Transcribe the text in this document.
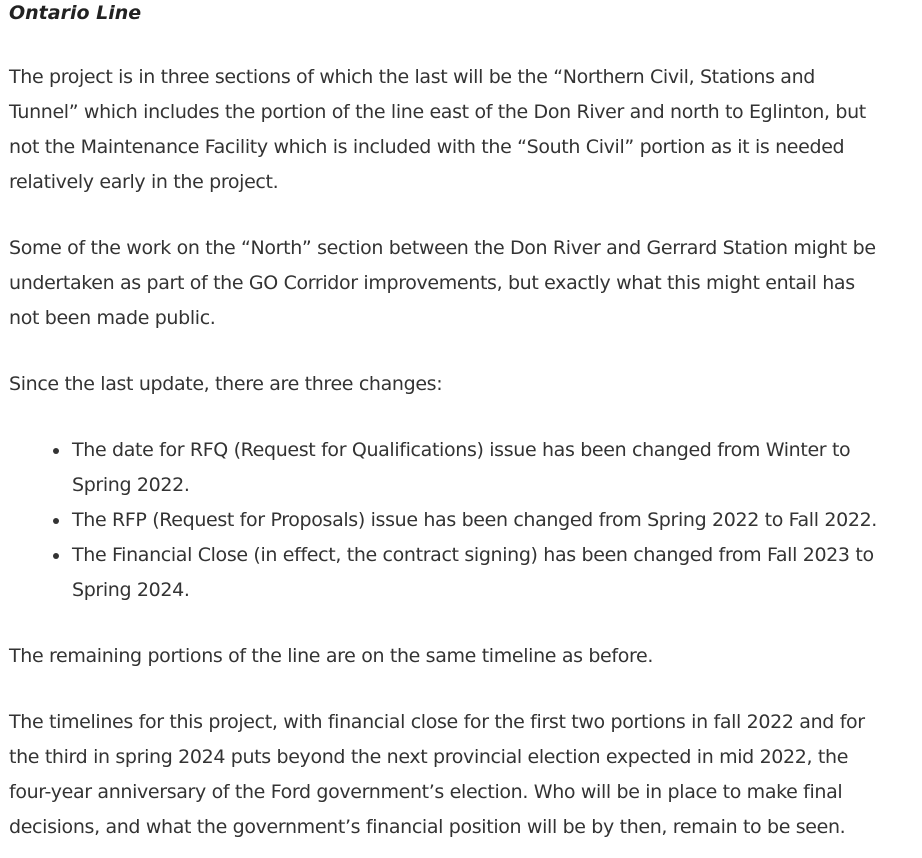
Ontario Line

The project is in three sections of which the last will be the “Northern Civil, Stations and
Tunnel” which includes the portion of the line east of the Don River and north to Eglinton, but
not the Maintenance Facility which is included with the “South Civil” portion as it is needed
relatively early in the project.

Some of the work on the “North” section between the Don River and Gerrard Station might be
undertaken as part of the GO Corridor improvements, but exactly what this might entail has
not been made public.

Since the last update, there are three changes:

The date for RFQ (Request for Qualifications) issue has been changed from Winter to
Spring 2022.
The RFP (Request for Proposals) issue has been changed from Spring 2022 to Fall 2022.
The Financial Close (in effect, the contract signing) has been changed from Fall 2023 to
Spring 2024.

The remaining portions of the line are on the same timeline as before.

The timelines for this project, with financial close for the first two portions in fall 2022 and for
the third in spring 2024 puts beyond the next provincial election expected in mid 2022, the
four-year anniversary of the Ford government’s election. Who will be in place to make final
decisions, and what the government’s financial position will be by then, remain to be seen.
